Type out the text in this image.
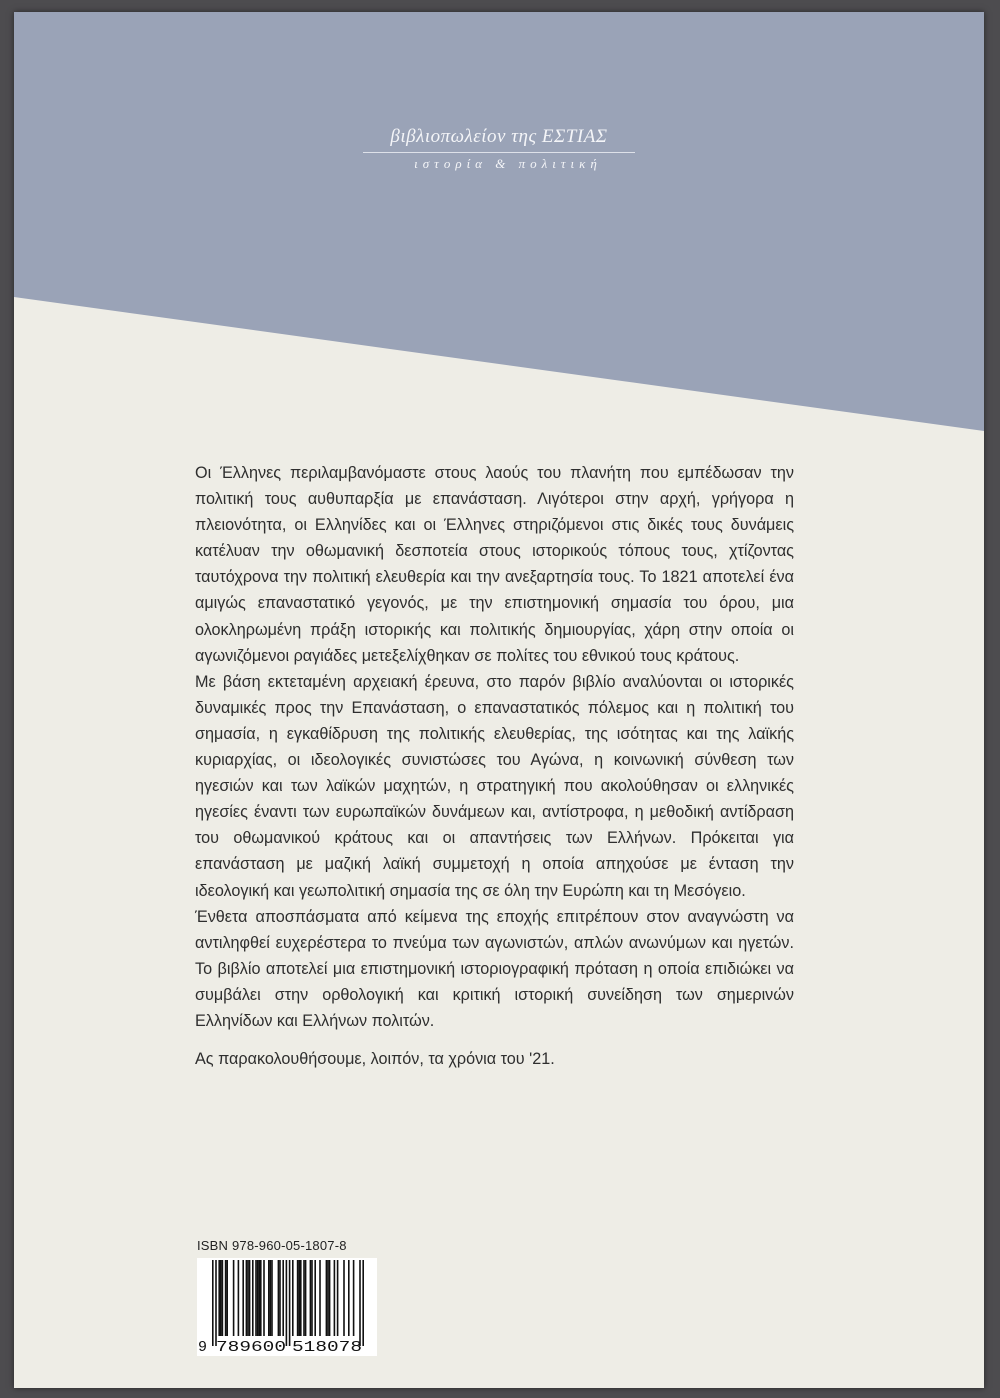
βιβλιοπωλείον της ΕΣΤΙΑΣ
ιστορία & πολιτική

Οι Έλληνες περιλαμβανόμαστε στους λαούς του πλανήτη που εμπέδωσαν την πολιτική τους αυθυπαρξία με επανάσταση. Λιγότεροι στην αρχή, γρήγορα η πλειονότητα, οι Ελληνίδες και οι Έλληνες στηριζόμενοι στις δικές τους δυνάμεις κατέλυαν την οθωμανική δεσποτεία στους ιστορικούς τόπους τους, χτίζοντας ταυτόχρονα την πολιτική ελευθερία και την ανεξαρτησία τους. Το 1821 αποτελεί ένα αμιγώς επαναστατικό γεγονός, με την επιστημονική σημασία του όρου, μια ολοκληρωμένη πράξη ιστορικής και πολιτικής δημιουργίας, χάρη στην οποία οι αγωνιζόμενοι ραγιάδες μετεξελίχθηκαν σε πολίτες του εθνικού τους κράτους.

Με βάση εκτεταμένη αρχειακή έρευνα, στο παρόν βιβλίο αναλύονται οι ιστορικές δυναμικές προς την Επανάσταση, ο επαναστατικός πόλεμος και η πολιτική του σημασία, η εγκαθίδρυση της πολιτικής ελευθερίας, της ισότητας και της λαϊκής κυριαρχίας, οι ιδεολογικές συνιστώσες του Αγώνα, η κοινωνική σύνθεση των ηγεσιών και των λαϊκών μαχητών, η στρατηγική που ακολούθησαν οι ελληνικές ηγεσίες έναντι των ευρωπαϊκών δυνάμεων και, αντίστροφα, η μεθοδική αντίδραση του οθωμανικού κράτους και οι απαντήσεις των Ελλήνων. Πρόκειται για επανάσταση με μαζική λαϊκή συμμετοχή η οποία απηχούσε με ένταση την ιδεολογική και γεωπολιτική σημασία της σε όλη την Ευρώπη και τη Μεσόγειο.

Ένθετα αποσπάσματα από κείμενα της εποχής επιτρέπουν στον αναγνώστη να αντιληφθεί ευχερέστερα το πνεύμα των αγωνιστών, απλών ανωνύμων και ηγετών. Το βιβλίο αποτελεί μια επιστημονική ιστοριογραφική πρόταση η οποία επιδιώκει να συμβάλει στην ορθολογική και κριτική ιστορική συνείδηση των σημερινών Ελληνίδων και Ελλήνων πολιτών.

Ας παρακολουθήσουμε, λοιπόν, τα χρόνια του '21.

ISBN 978-960-05-1807-8
9 789600 518078
